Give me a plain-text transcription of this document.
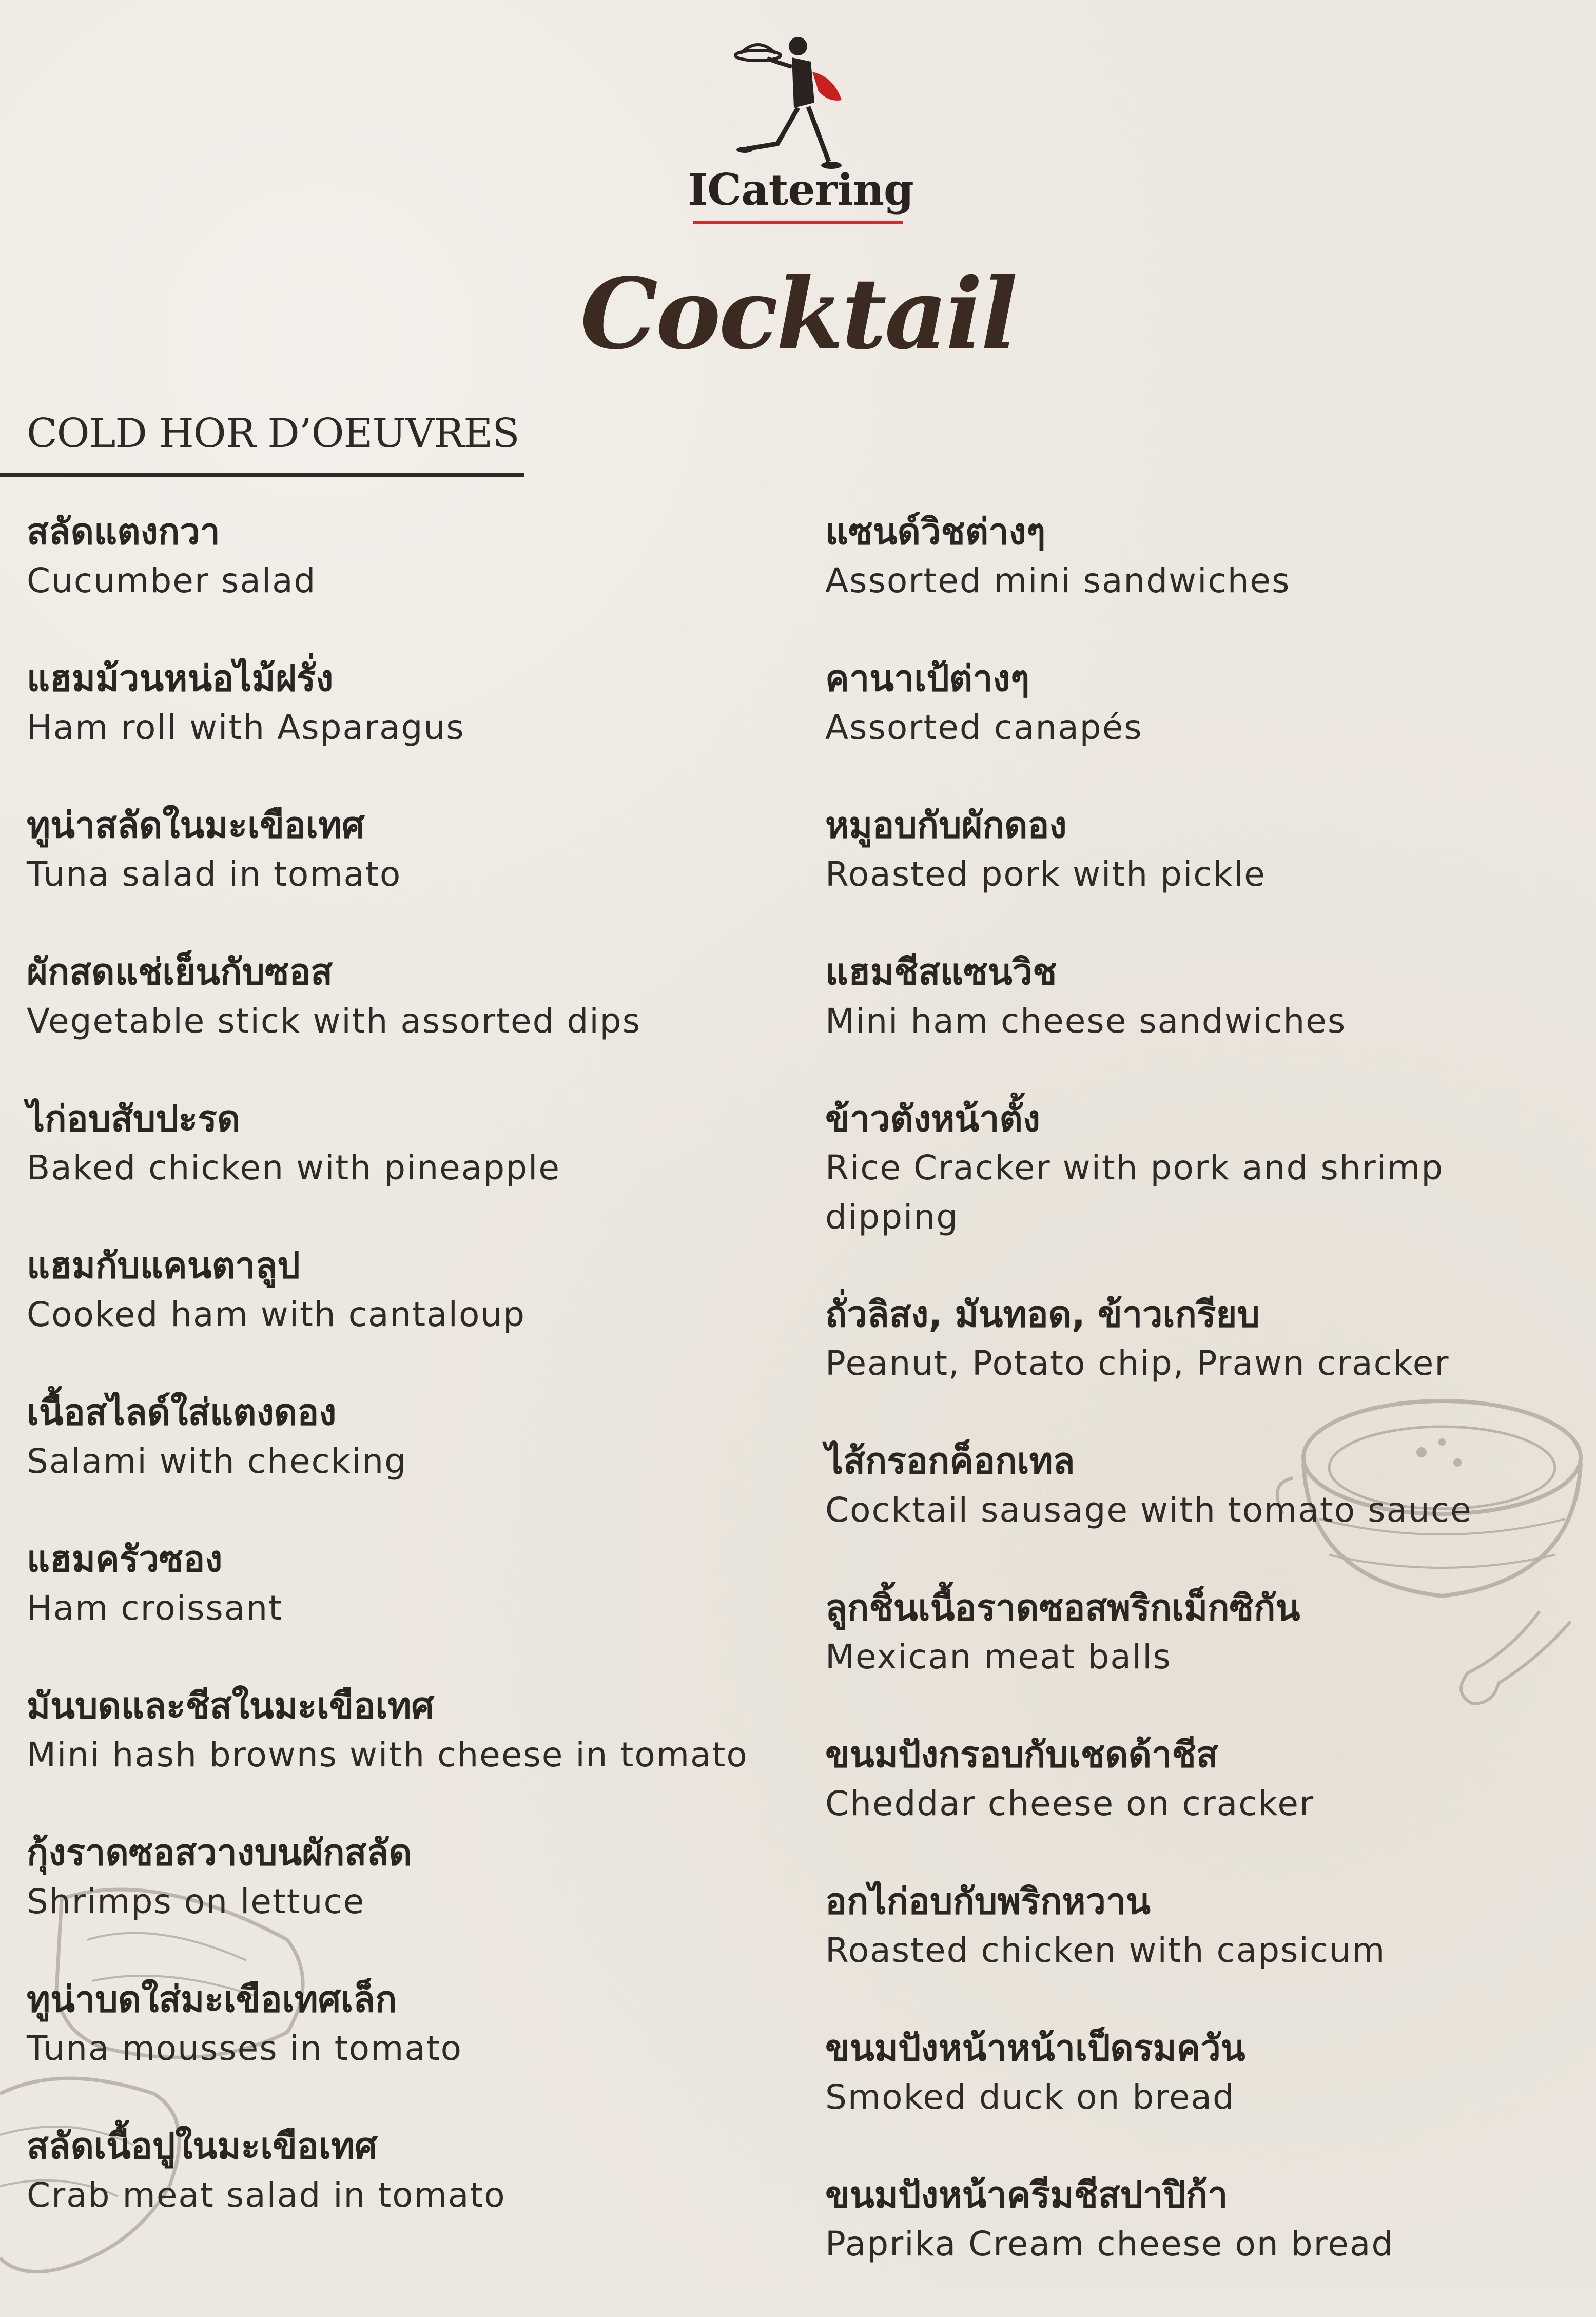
ICatering
Cocktail
COLD HOR D’OEUVRES
สลัดแตงกวา
Cucumber salad
แฮมม้วนหน่อไม้ฝรั่ง
Ham roll with Asparagus
ทูน่าสลัดในมะเขือเทศ
Tuna salad in tomato
ผักสดแช่เย็นกับซอส
Vegetable stick with assorted dips
ไก่อบสับปะรด
Baked chicken with pineapple
แฮมกับแคนตาลูป
Cooked ham with cantaloup
เนื้อสไลด์ใส่แตงดอง
Salami with checking
แฮมครัวซอง
Ham croissant
มันบดและชีสในมะเขือเทศ
Mini hash browns with cheese in tomato
กุ้งราดซอสวางบนผักสลัด
Shrimps on lettuce
ทูน่าบดใส่มะเขือเทศเล็ก
Tuna mousses in tomato
สลัดเนื้อปูในมะเขือเทศ
Crab meat salad in tomato
แซนด์วิชต่างๆ
Assorted mini sandwiches
คานาเป้ต่างๆ
Assorted canapés
หมูอบกับผักดอง
Roasted pork with pickle
แฮมชีสแซนวิช
Mini ham cheese sandwiches
ข้าวตังหน้าตั้ง
Rice Cracker with pork and shrimp dipping
ถั่วลิสง, มันทอด, ข้าวเกรียบ
Peanut, Potato chip, Prawn cracker
ไส้กรอกค็อกเทล
Cocktail sausage with tomato sauce
ลูกชิ้นเนื้อราดซอสพริกเม็กซิกัน
Mexican meat balls
ขนมปังกรอบกับเชดด้าชีส
Cheddar cheese on cracker
อกไก่อบกับพริกหวาน
Roasted chicken with capsicum
ขนมปังหน้าหน้าเป็ดรมควัน
Smoked duck on bread
ขนมปังหน้าครีมชีสปาปิก้า
Paprika Cream cheese on bread
